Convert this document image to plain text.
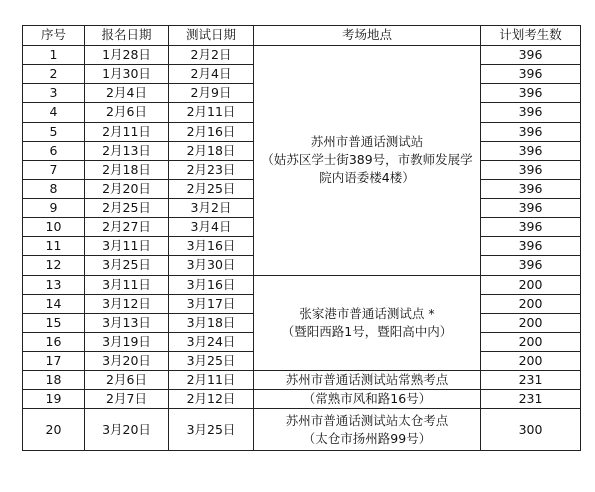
序号	报名日期	测试日期	考场地点	计划考生数
1	1月28日	2月2日	苏州市普通话测试站
（姑苏区学士街389号，市教师发展学
院内语委楼4楼）	396
2	1月30日	2月4日		396
3	2月4日	2月9日		396
4	2月6日	2月11日		396
5	2月11日	2月16日		396
6	2月13日	2月18日		396
7	2月18日	2月23日		396
8	2月20日	2月25日		396
9	2月25日	3月2日		396
10	2月27日	3月4日		396
11	3月11日	3月16日		396
12	3月25日	3月30日		396
13	3月11日	3月16日	张家港市普通话测试点 *
（暨阳西路1号，暨阳高中内）	200
14	3月12日	3月17日		200
15	3月13日	3月18日		200
16	3月19日	3月24日		200
17	3月20日	3月25日		200
18	2月6日	2月11日	苏州市普通话测试站常熟考点	231
19	2月7日	2月12日	（常熟市风和路16号）	231
20	3月20日	3月25日	苏州市普通话测试站太仓考点
（太仓市扬州路99号）	300
